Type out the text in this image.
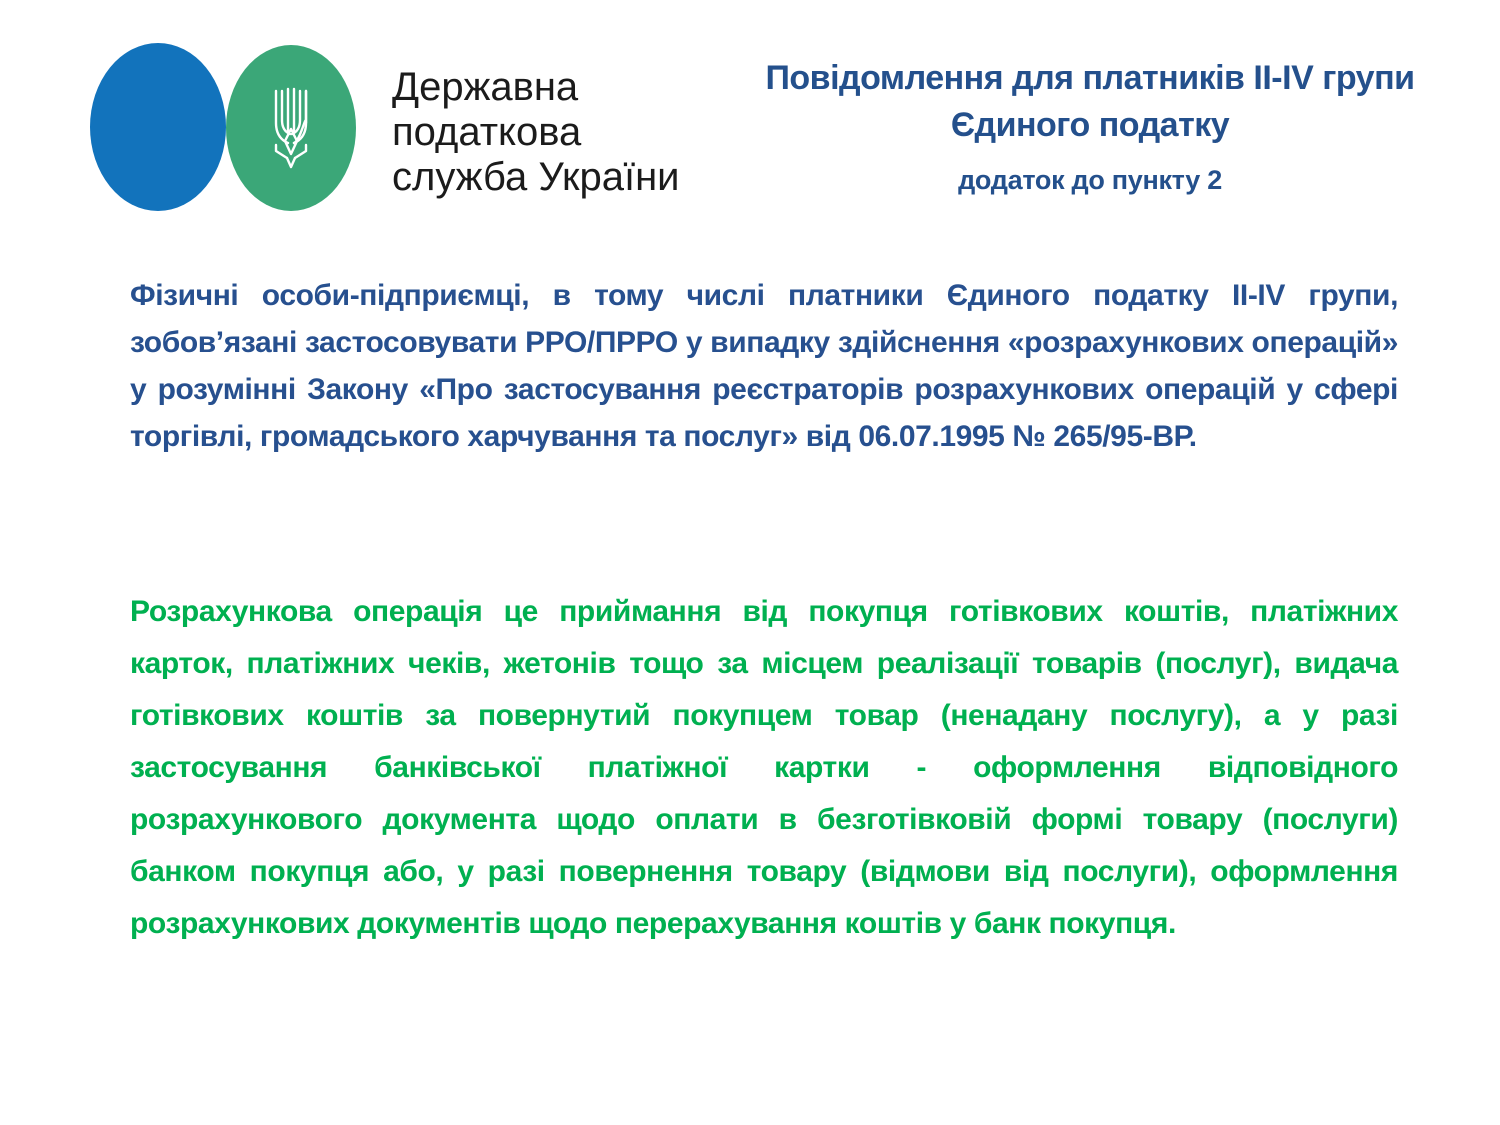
Державна
податкова
служба України
Повідомлення для платників II-IV групи
Єдиного податку
додаток до пункту 2

Фізичні особи-підприємці, в тому числі платники Єдиного податку II-IV групи, зобов’язані застосовувати РРО/ПРРО у випадку здійснення «розрахункових операцій» у розумінні Закону «Про застосування реєстраторів розрахункових операцій у сфері торгівлі, громадського харчування та послуг» від 06.07.1995 № 265/95-ВР.

Розрахункова операція це приймання від покупця готівкових коштів, платіжних карток, платіжних чеків, жетонів тощо за місцем реалізації товарів (послуг), видача готівкових коштів за повернутий покупцем товар (ненадану послугу), а у разі застосування банківської платіжної картки - оформлення відповідного розрахункового документа щодо оплати в безготівковій формі товару (послуги) банком покупця або, у разі повернення товару (відмови від послуги), оформлення розрахункових документів щодо перерахування коштів у банк покупця.
